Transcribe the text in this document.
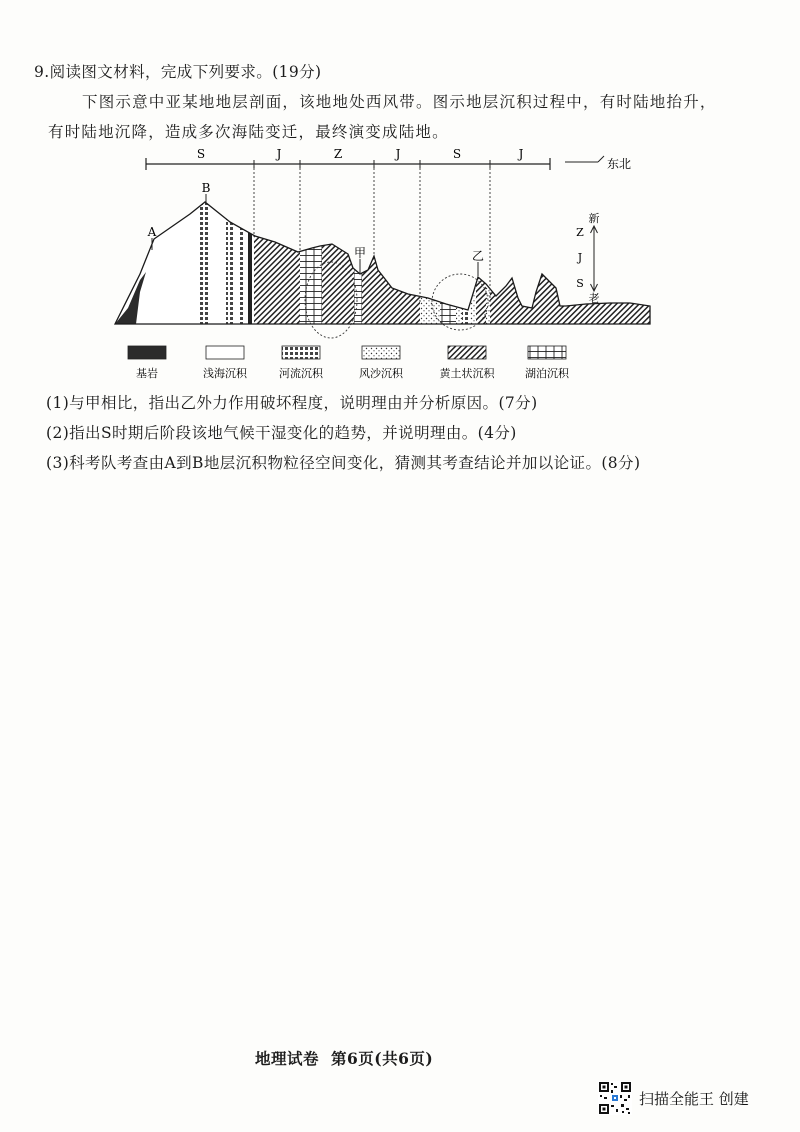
9.阅读图文材料，完成下列要求。(19分)
下图示意中亚某地地层剖面，该地地处西风带。图示地层沉积过程中，有时陆地抬升，
有时陆地沉降，造成多次海陆变迁，最终演变成陆地。
S	J	Z	J	S	J
东北
A
B
甲	乙
新
Z
J
S
老
基岩	浅海沉积	河流沉积	风沙沉积	黄土状沉积	湖泊沉积
(1)与甲相比，指出乙外力作用破坏程度，说明理由并分析原因。(7分)
(2)指出S时期后阶段该地气候干湿变化的趋势，并说明理由。(4分)
(3)科考队考查由A到B地层沉积物粒径空间变化，猜测其考查结论并加以论证。(8分)
地理试卷 第6页(共6页)
扫描全能王 创建
